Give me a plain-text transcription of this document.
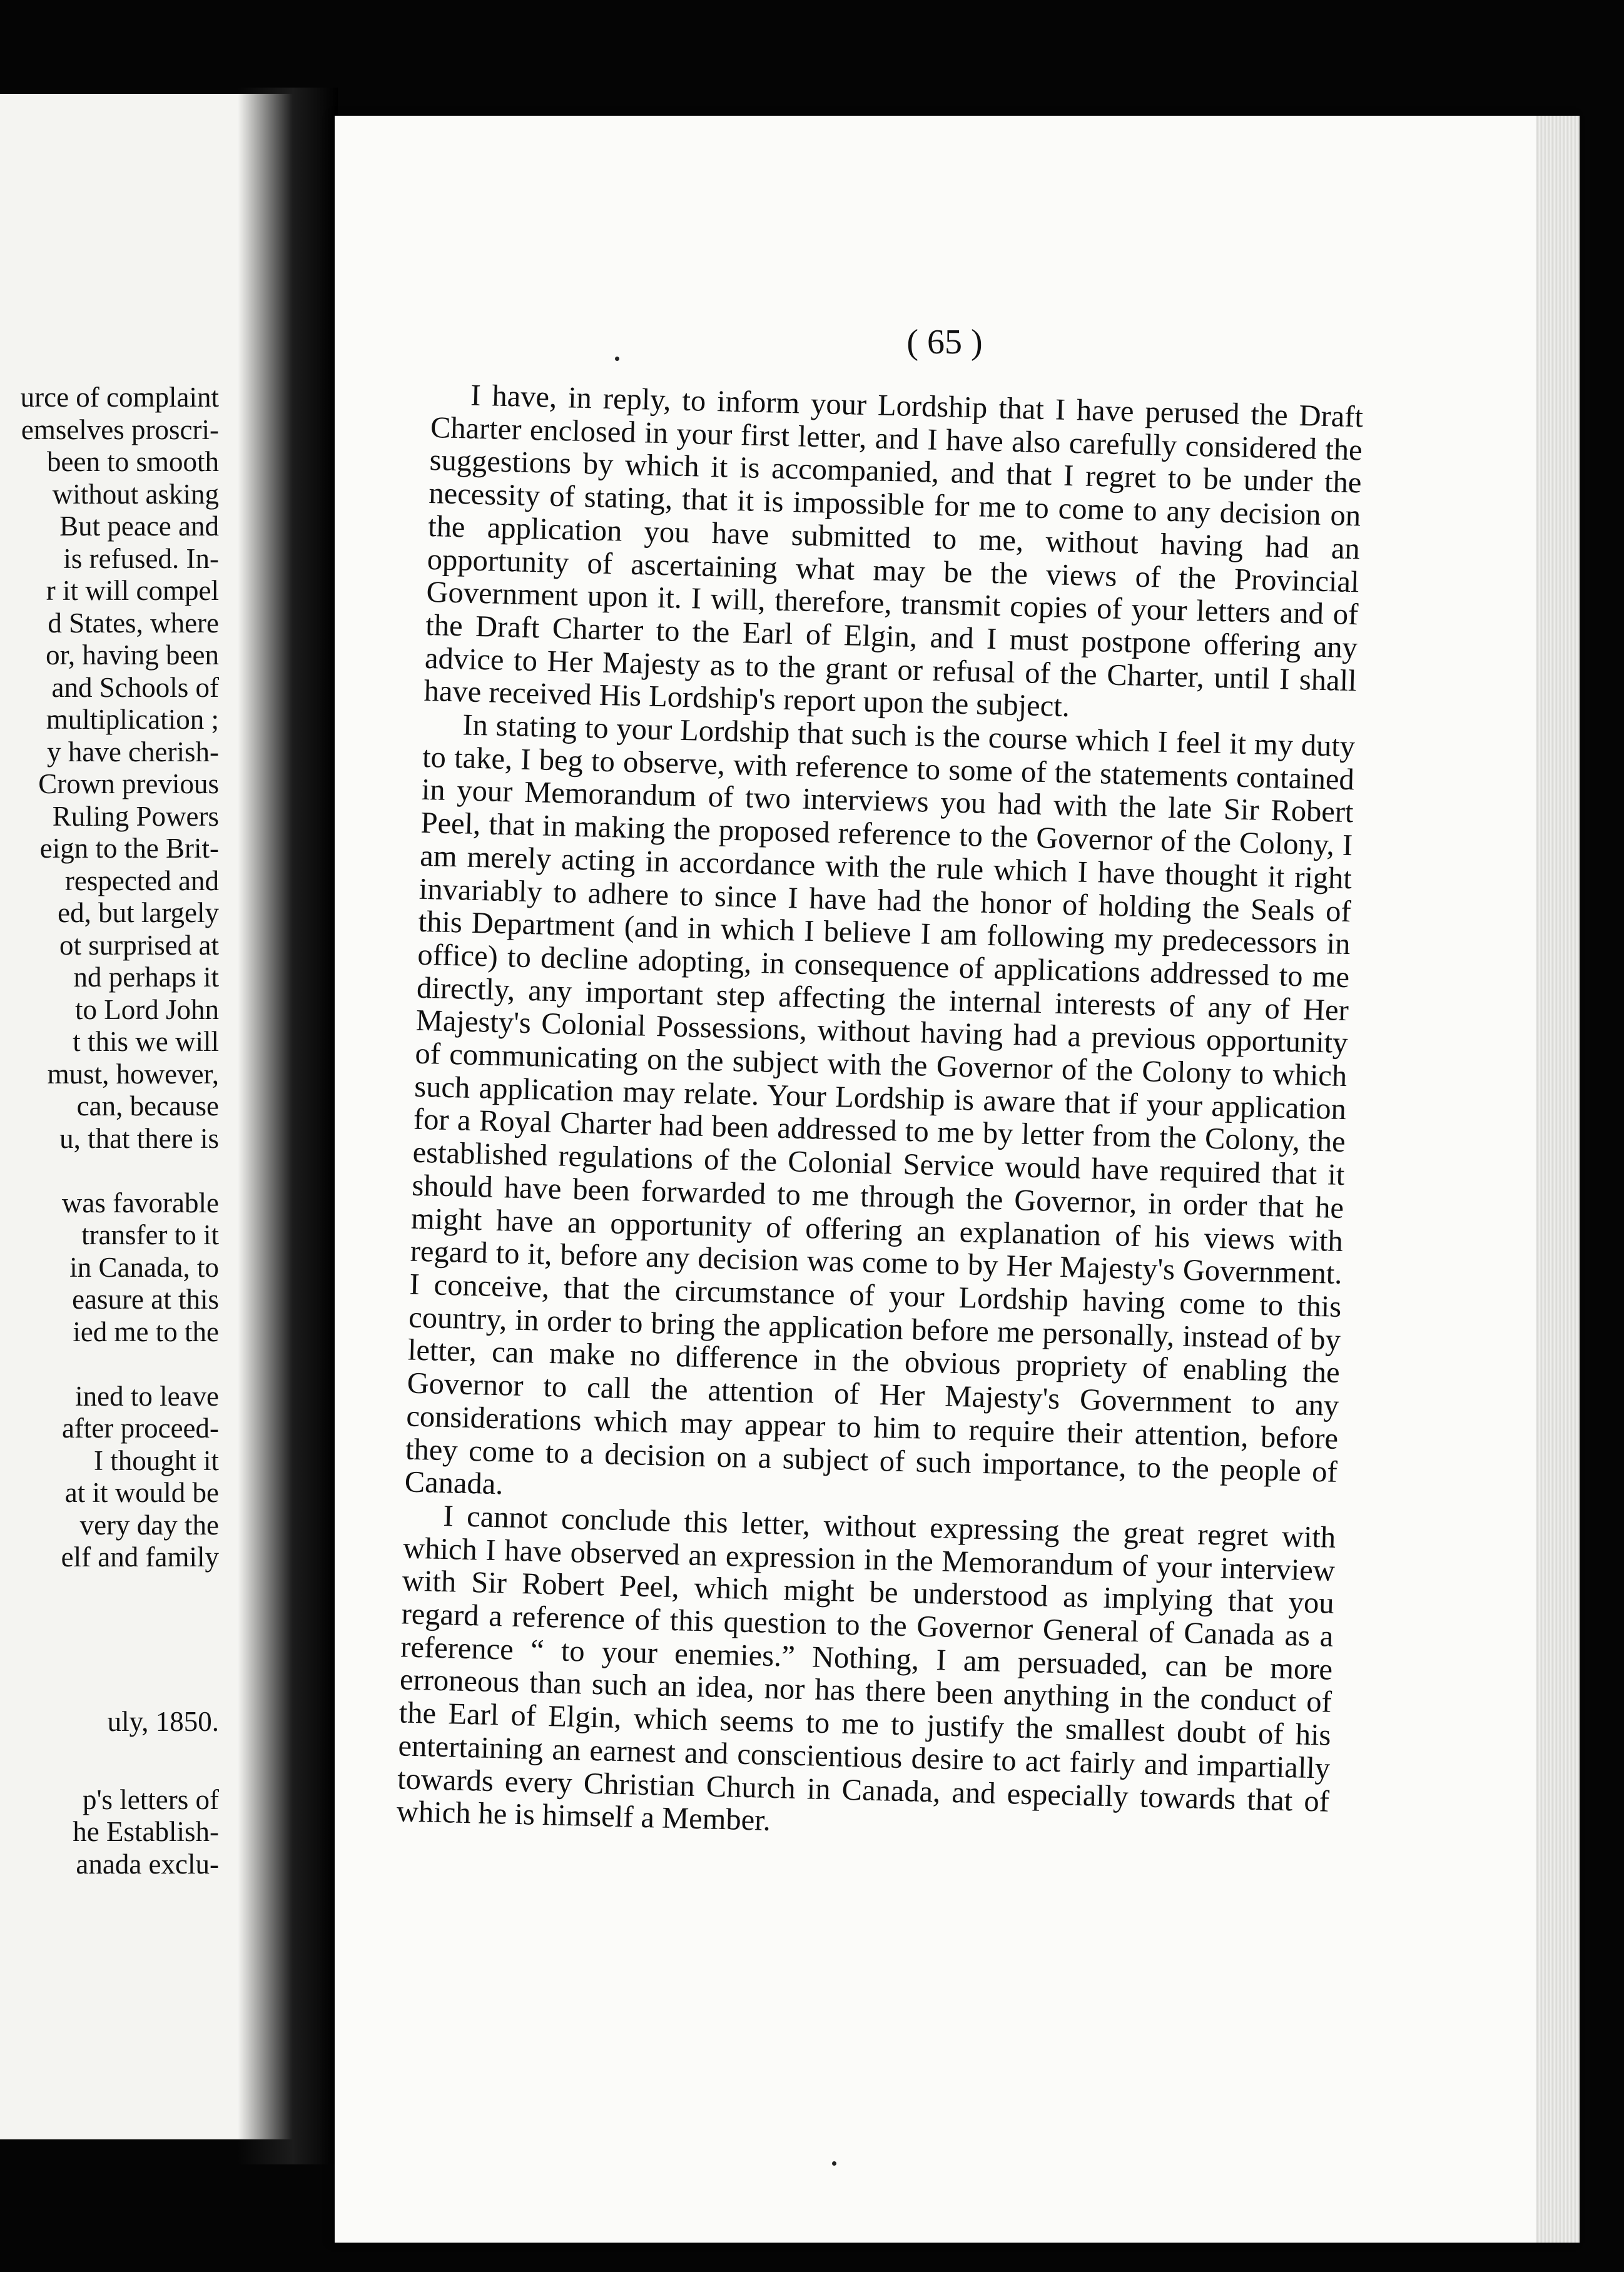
urce of complaint
emselves proscri-
been to smooth
without asking
But peace and
is refused. In-
r it will compel
d States, where
or, having been
and Schools of
multiplication ;
y have cherish-
Crown previous
Ruling Powers
eign to the Brit-
respected and
ed, but largely
ot surprised at
nd perhaps it
to Lord John
t this we will
must, however,
can, because
u, that there is
was favorable
transfer to it
in Canada, to
easure at this
ied me to the
ined to leave
after proceed-
I thought it
at it would be
very day the
elf and family
uly, 1850.
p's letters of
he Establish-
anada exclu-
( 65 )

I have, in reply, to inform your Lordship that I have perused the Draft Charter enclosed in your first letter, and I have also carefully considered the suggestions by which it is accompanied, and that I regret to be under the necessity of stating, that it is impossible for me to come to any decision on the application you have submitted to me, without having had an opportunity of ascertaining what may be the views of the Provincial Government upon it. I will, therefore, transmit copies of your letters and of the Draft Charter to the Earl of Elgin, and I must postpone offering any advice to Her Majesty as to the grant or refusal of the Charter, until I shall have received His Lordship's report upon the subject.

In stating to your Lordship that such is the course which I feel it my duty to take, I beg to observe, with reference to some of the statements contained in your Memorandum of two interviews you had with the late Sir Robert Peel, that in making the proposed reference to the Governor of the Colony, I am merely acting in accordance with the rule which I have thought it right invariably to adhere to since I have had the honor of holding the Seals of this Department (and in which I believe I am following my predecessors in office) to decline adopting, in consequence of applications addressed to me directly, any important step affecting the internal interests of any of Her Majesty's Colonial Possessions, without having had a previous opportunity of communicating on the subject with the Governor of the Colony to which such application may relate. Your Lordship is aware that if your application for a Royal Charter had been addressed to me by letter from the Colony, the established regulations of the Colonial Service would have required that it should have been forwarded to me through the Governor, in order that he might have an opportunity of offering an explanation of his views with regard to it, before any decision was come to by Her Majesty's Government. I conceive, that the circumstance of your Lordship having come to this country, in order to bring the application before me personally, instead of by letter, can make no difference in the obvious propriety of enabling the Governor to call the attention of Her Majesty's Government to any considerations which may appear to him to require their attention, before they come to a decision on a subject of such importance, to the people of Canada.

I cannot conclude this letter, without expressing the great regret with which I have observed an expression in the Memorandum of your interview with Sir Robert Peel, which might be understood as implying that you regard a reference of this question to the Governor General of Canada as a reference “ to your enemies.” Nothing, I am persuaded, can be more erroneous than such an idea, nor has there been anything in the conduct of the Earl of Elgin, which seems to me to justify the smallest doubt of his entertaining an earnest and conscientious desire to act fairly and impartially towards every Christian Church in Canada, and especially towards that of which he is himself a Member.
